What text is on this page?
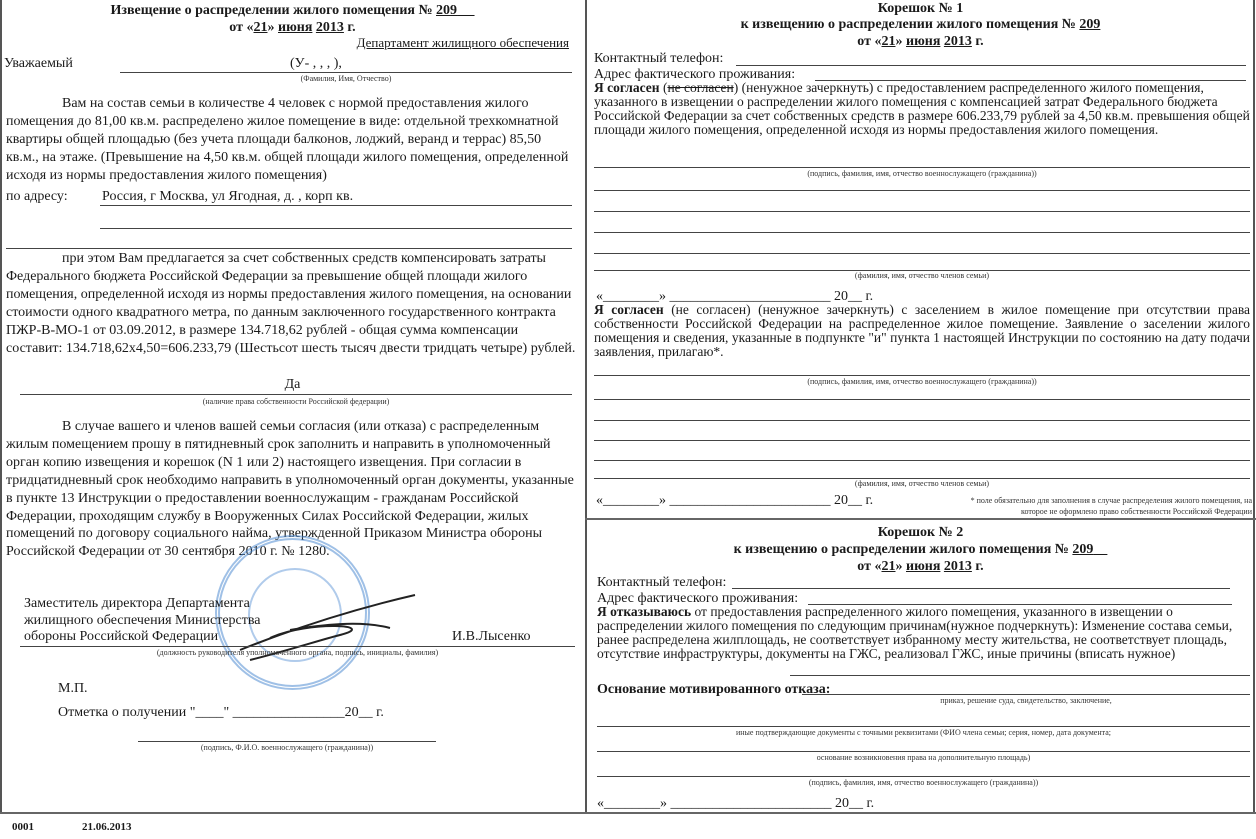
Извещение о распределении жилого помещения № 209
от «21» июня 2013 г.
Департамент жилищного обеспечения
Уважаемый	(У- , , , ),
(Фамилия, Имя, Отчество)
Вам на состав семьи в количестве 4 человек с нормой предоставления жилого помещения до 81,00 кв.м. распределено жилое помещение в виде: отдельной трехкомнатной квартиры общей площадью (без учета площади балконов, лоджий, веранд и террас) 85,50 кв.м., на этаже. (Превышение на 4,50 кв.м. общей площади жилого помещения, определенной исходя из нормы предоставления жилого помещения)
по адресу: Россия, г Москва, ул Ягодная, д. , корп кв.
при этом Вам предлагается за счет собственных средств компенсировать затраты Федерального бюджета Российской Федерации за превышение общей площади жилого помещения, определенной исходя из нормы предоставления жилого помещения, на основании стоимости одного квадратного метра, по данным заключенного государственного контракта ПЖР-В-МО-1 от 03.09.2012, в размере 134.718,62 рублей - общая сумма компенсации составит: 134.718,62х4,50=606.233,79 (Шестьсот шесть тысяч двести тридцать четыре) рублей.
Да
(наличие права собственности Российской федерации)
В случае вашего и членов вашей семьи согласия (или отказа) с распределенным жилым помещением прошу в пятидневный срок заполнить и направить в уполномоченный орган копию извещения и корешок (N 1 или 2) настоящего извещения. При согласии в тридцатидневный срок необходимо направить в уполномоченный орган документы, указанные в пункте 13 Инструкции о предоставлении военнослужащим - гражданам Российской Федерации, проходящим службу в Вооруженных Силах Российской Федерации, жилых помещений по договору социального найма, утвержденной Приказом Министра обороны Российской Федерации от 30 сентября 2010 г. № 1280.
Заместитель директора Департамента
жилищного обеспечения Министерства
обороны Российской Федерации	И.В.Лысенко
(должность руководителя уполномоченного органа, подпись, инициалы, фамилия)
М.П.
Отметка о получении "____" ________________20__ г.
(подпись, Ф.И.О. военнослужащего (гражданина))
0001	21.06.2013
Корешок № 1
к извещению о распределении жилого помещения № 209
от «21» июня 2013 г.
Контактный телефон:
Адрес фактического проживания:
Я согласен (не согласен) (ненужное зачеркнуть) с предоставлением распределенного жилого помещения, указанного в извещении о распределении жилого помещения с компенсацией затрат Федерального бюджета Российской Федерации за счет собственных средств в размере 606.233,79 рублей за 4,50 кв.м. превышения общей площади жилого помещения, определенной исходя из нормы предоставления жилого помещения.
(подпись, фамилия, имя, отчество военнослужащего (гражданина))
(фамилия, имя, отчество членов семьи)
«________» _______________________ 20__ г.
Я согласен (не согласен) (ненужное зачеркнуть) с заселением в жилое помещение при отсутствии права собственности Российской Федерации на распределенное жилое помещение. Заявление о заселении жилого помещения и сведения, указанные в подпункте "и" пункта 1 настоящей Инструкции по состоянию на дату подачи заявления, прилагаю*.
(подпись, фамилия, имя, отчество военнослужащего (гражданина))
(фамилия, имя, отчество членов семьи)
«________» _______________________ 20__ г.	* поле обязательно для заполнения в случае распределения жилого помещения, на
которое не оформлено право собственности Российской Федерации
Корешок № 2
к извещению о распределении жилого помещения № 209
от «21» июня 2013 г.
Контактный телефон:
Адрес фактического проживания:
Я отказываюсь от предоставления распределенного жилого помещения, указанного в извещении о распределении жилого помещения по следующим причинам(нужное подчеркнуть): Изменение состава семьи, ранее распределена жилплощадь, не соответствует избранному месту жительства, не соответствует площадь, отсутствие инфраструктуры, документы на ГЖС, реализовал ГЖС, иные причины (вписать нужное)
Основание мотивированного отказа:
приказ, решение суда, свидетельство, заключение,
иные подтверждающие документы с точными реквизитами (ФИО члена семьи; серия, номер, дата документа;
основание возникновения права на дополнительную площадь)
(подпись, фамилия, имя, отчество военнослужащего (гражданина))
«________» _______________________ 20__ г.
